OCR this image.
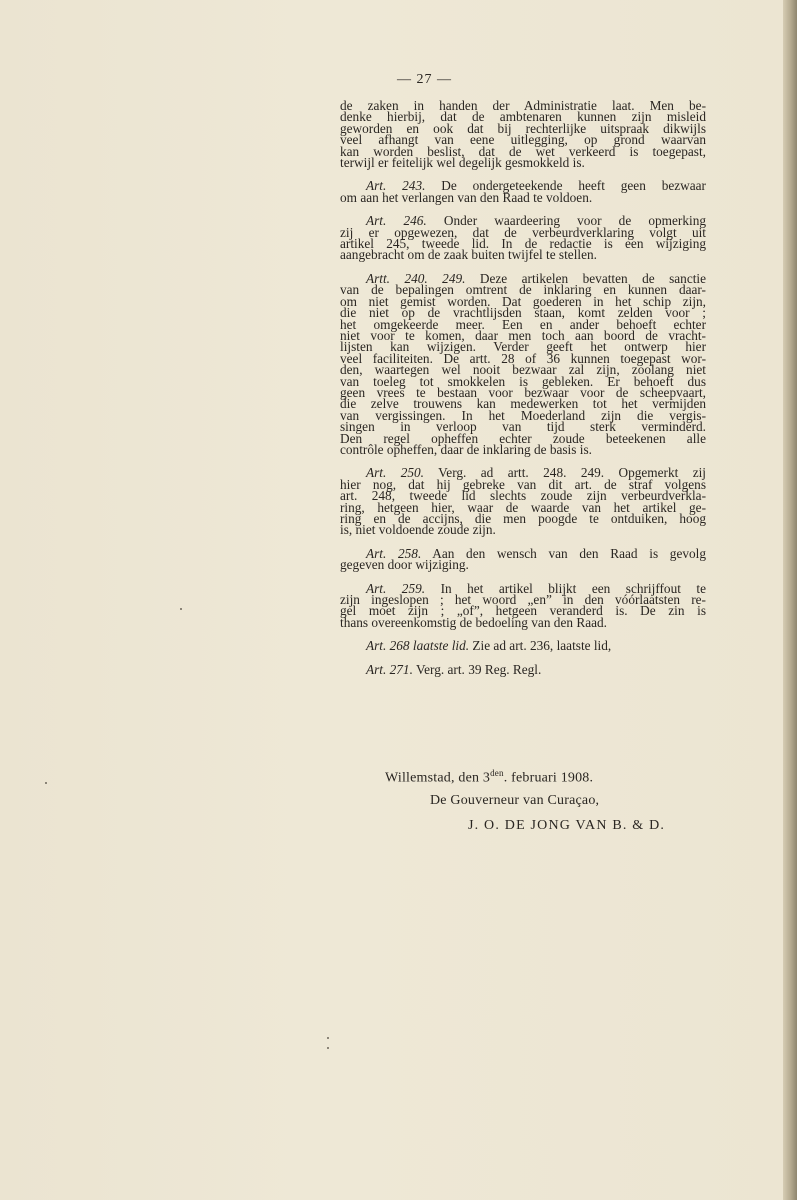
— 27 —
de zaken in handen der Administratie laat. Men be-
denke hierbij, dat de ambtenaren kunnen zijn misleid
geworden en ook dat bij rechterlijke uitspraak dikwijls
veel afhangt van eene uitlegging, op grond waarvan
kan worden beslist, dat de wet verkeerd is toegepast,
terwijl er feitelijk wel degelijk gesmokkeld is.
Art. 243. De ondergeteekende heeft geen bezwaar
om aan het verlangen van den Raad te voldoen.
Art. 246. Onder waardeering voor de opmerking
zij er opgewezen, dat de verbeurdverklaring volgt uit
artikel 245, tweede lid. In de redactie is een wijziging
aangebracht om de zaak buiten twijfel te stellen.
Artt. 240. 249. Deze artikelen bevatten de sanctie
van de bepalingen omtrent de inklaring en kunnen daar-
om niet gemist worden. Dat goederen in het schip zijn,
die niet op de vrachtlijsden staan, komt zelden voor ;
het omgekeerde meer. Een en ander behoeft echter
niet voor te komen, daar men toch aan boord de vracht-
lijsten kan wijzigen. Verder geeft het ontwerp hier
veel faciliteiten. De artt. 28 of 36 kunnen toegepast wor-
den, waartegen wel nooit bezwaar zal zijn, zoolang niet
van toeleg tot smokkelen is gebleken. Er behoeft dus
geen vrees te bestaan voor bezwaar voor de scheepvaart,
die zelve trouwens kan medewerken tot het vermijden
van vergissingen. In het Moederland zijn die vergis-
singen in verloop van tijd sterk verminderd.
Den regel opheffen echter zoude beteekenen alle
contrôle opheffen, daar de inklaring de basis is.
Art. 250. Verg. ad artt. 248. 249. Opgemerkt zij
hier nog, dat hij gebreke van dit art. de straf volgens
art. 248, tweede lid slechts zoude zijn verbeurdverkla-
ring, hetgeen hier, waar de waarde van het artikel ge-
ring en de accijns, die men poogde te ontduiken, hoog
is, niet voldoende zoude zijn.
Art. 258. Aan den wensch van den Raad is gevolg
gegeven door wijziging.
Art. 259. In het artikel blijkt een schrijffout te
zijn ingeslopen ; het woord „en” in den vóórlaatsten re-
gel moet zijn ; „of”, hetgeen veranderd is. De zin is
thans overeenkomstig de bedoeling van den Raad.
Art. 268 laatste lid. Zie ad art. 236, laatste lid,
Art. 271. Verg. art. 39 Reg. Regl.
Willemstad, den $3^{den}$. februari 1908.
De Gouverneur van Curaçao,
J. O. DE JONG VAN B. & D.
